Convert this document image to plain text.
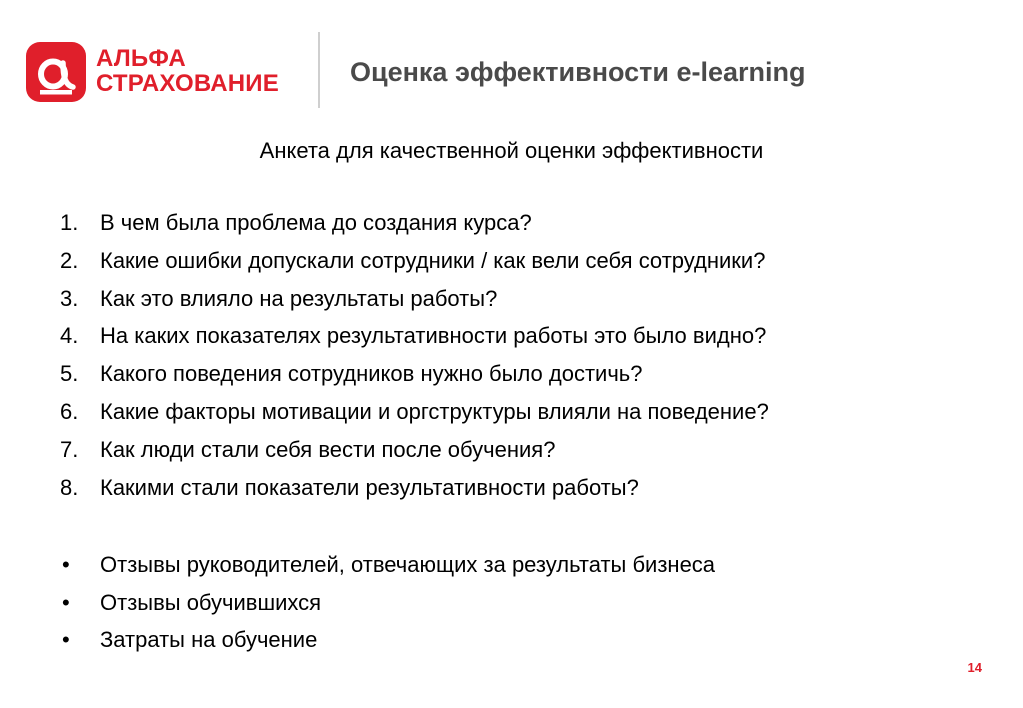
АЛЬФА
СТРАХОВАНИЕ	Оценка эффективности e-learning
Анкета для качественной оценки эффективности
1. В чем была проблема до создания курса?
2. Какие ошибки допускали сотрудники / как вели себя сотрудники?
3. Как это влияло на результаты работы?
4. На каких показателях результативности работы это было видно?
5. Какого поведения сотрудников нужно было достичь?
6. Какие факторы мотивации и оргструктуры влияли на поведение?
7. Как люди стали себя вести после обучения?
8. Какими стали показатели результативности работы?
• Отзывы руководителей, отвечающих за результаты бизнеса
• Отзывы обучившихся
• Затраты на обучение
14
